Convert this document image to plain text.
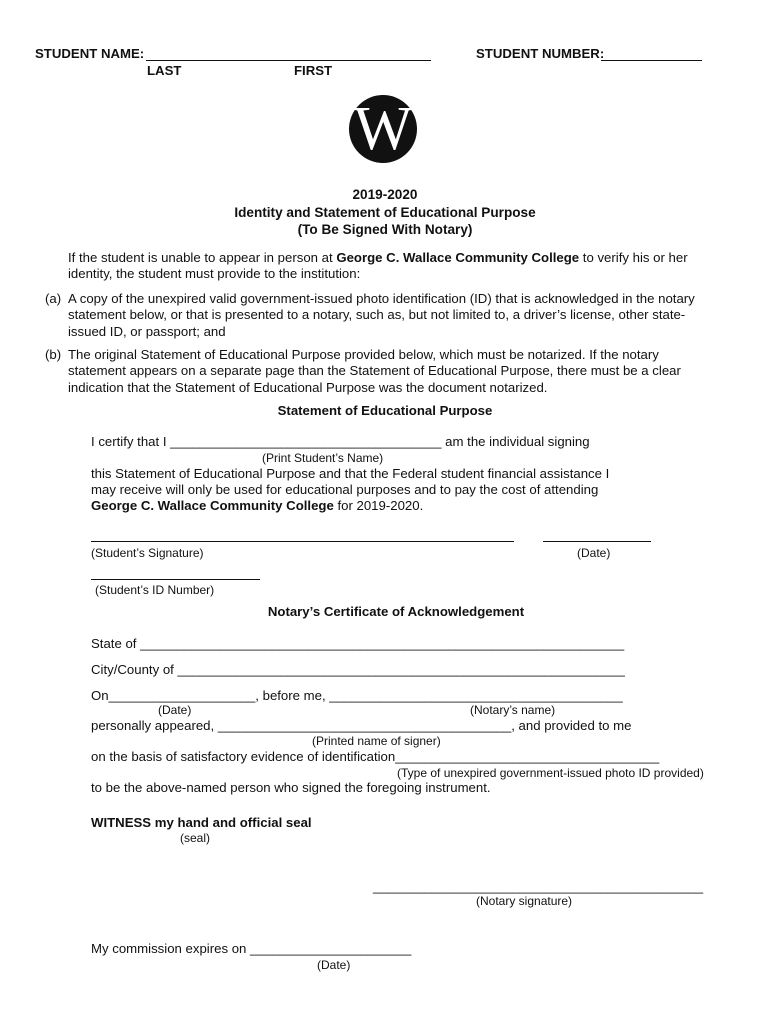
STUDENT NAME:
LAST	FIRST
STUDENT NUMBER:
W
2019-2020
Identity and Statement of Educational Purpose
(To Be Signed With Notary)

If the student is unable to appear in person at George C. Wallace Community College to verify his or her identity, the student must provide to the institution:

(a) A copy of the unexpired valid government-issued photo identification (ID) that is acknowledged in the notary statement below, or that is presented to a notary, such as, but not limited to, a driver’s license, other state-issued ID, or passport; and

(b) The original Statement of Educational Purpose provided below, which must be notarized. If the notary statement appears on a separate page than the Statement of Educational Purpose, there must be a clear indication that the Statement of Educational Purpose was the document notarized.

Statement of Educational Purpose
I certify that I _____________________________________ am the individual signing
(Print Student’s Name)
this Statement of Educational Purpose and that the Federal student financial assistance I
may receive will only be used for educational purposes and to pay the cost of attending
George C. Wallace Community College for 2019-2020.
(Student’s Signature)	(Date)
(Student’s ID Number)
Notary’s Certificate of Acknowledgement
State of __________________________________________________________________
City/County of _____________________________________________________________
On____________________, before me, ________________________________________
(Date)	(Notary’s name)
personally appeared, ________________________________________, and provided to me
(Printed name of signer)
on the basis of satisfactory evidence of identification____________________________________
(Type of unexpired government-issued photo ID provided)
to be the above-named person who signed the foregoing instrument.
WITNESS my hand and official seal
(seal)
_____________________________________________
(Notary signature)
My commission expires on ______________________
(Date)
